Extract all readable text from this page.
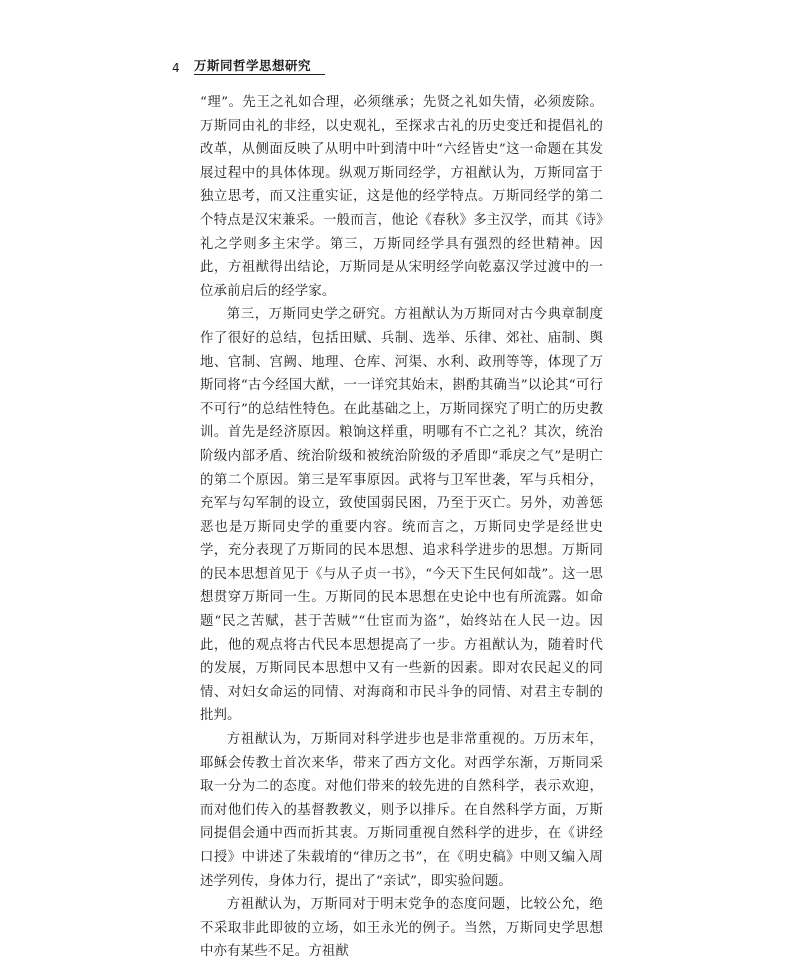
4	万斯同哲学思想研究

“理”。先王之礼如合理，必须继承；先贤之礼如失情，必须废除。万斯同由礼的非经，以史观礼，至探求古礼的历史变迁和提倡礼的改革，从侧面反映了从明中叶到清中叶“六经皆史”这一命题在其发展过程中的具体体现。纵观万斯同经学，方祖猷认为，万斯同富于独立思考，而又注重实证，这是他的经学特点。万斯同经学的第二个特点是汉宋兼采。一般而言，他论《春秋》多主汉学，而其《诗》礼之学则多主宋学。第三，万斯同经学具有强烈的经世精神。因此，方祖猷得出结论，万斯同是从宋明经学向乾嘉汉学过渡中的一位承前启后的经学家。

第三，万斯同史学之研究。方祖猷认为万斯同对古今典章制度作了很好的总结，包括田赋、兵制、选举、乐律、郊社、庙制、舆地、官制、宫阙、地理、仓库、河渠、水利、政刑等等，体现了万斯同将“古今经国大猷，一一详究其始末，斟酌其确当”以论其“可行不可行”的总结性特色。在此基础之上，万斯同探究了明亡的历史教训。首先是经济原因。粮饷这样重，明哪有不亡之礼？其次，统治阶级内部矛盾、统治阶级和被统治阶级的矛盾即“乖戾之气”是明亡的第二个原因。第三是军事原因。武将与卫军世袭，军与兵相分，充军与勾军制的设立，致使国弱民困，乃至于灭亡。另外，劝善惩恶也是万斯同史学的重要内容。统而言之，万斯同史学是经世史学，充分表现了万斯同的民本思想、追求科学进步的思想。万斯同的民本思想首见于《与从子贞一书》，“今天下生民何如哉”。这一思想贯穿万斯同一生。万斯同的民本思想在史论中也有所流露。如命题“民之苦赋，甚于苦贼”“仕宦而为盗”，始终站在人民一边。因此，他的观点将古代民本思想提高了一步。方祖猷认为，随着时代的发展，万斯同民本思想中又有一些新的因素。即对农民起义的同情、对妇女命运的同情、对海商和市民斗争的同情、对君主专制的批判。

方祖猷认为，万斯同对科学进步也是非常重视的。万历末年，耶稣会传教士首次来华，带来了西方文化。对西学东渐，万斯同采取一分为二的态度。对他们带来的较先进的自然科学，表示欢迎，而对他们传入的基督教教义，则予以排斥。在自然科学方面，万斯同提倡会通中西而折其衷。万斯同重视自然科学的进步，在《讲经口授》中讲述了朱载堉的“律历之书”，在《明史稿》中则又编入周述学列传，身体力行，提出了“亲试”，即实验问题。

方祖猷认为，万斯同对于明末党争的态度问题，比较公允，绝不采取非此即彼的立场，如王永光的例子。当然，万斯同史学思想中亦有某些不足。方祖猷
